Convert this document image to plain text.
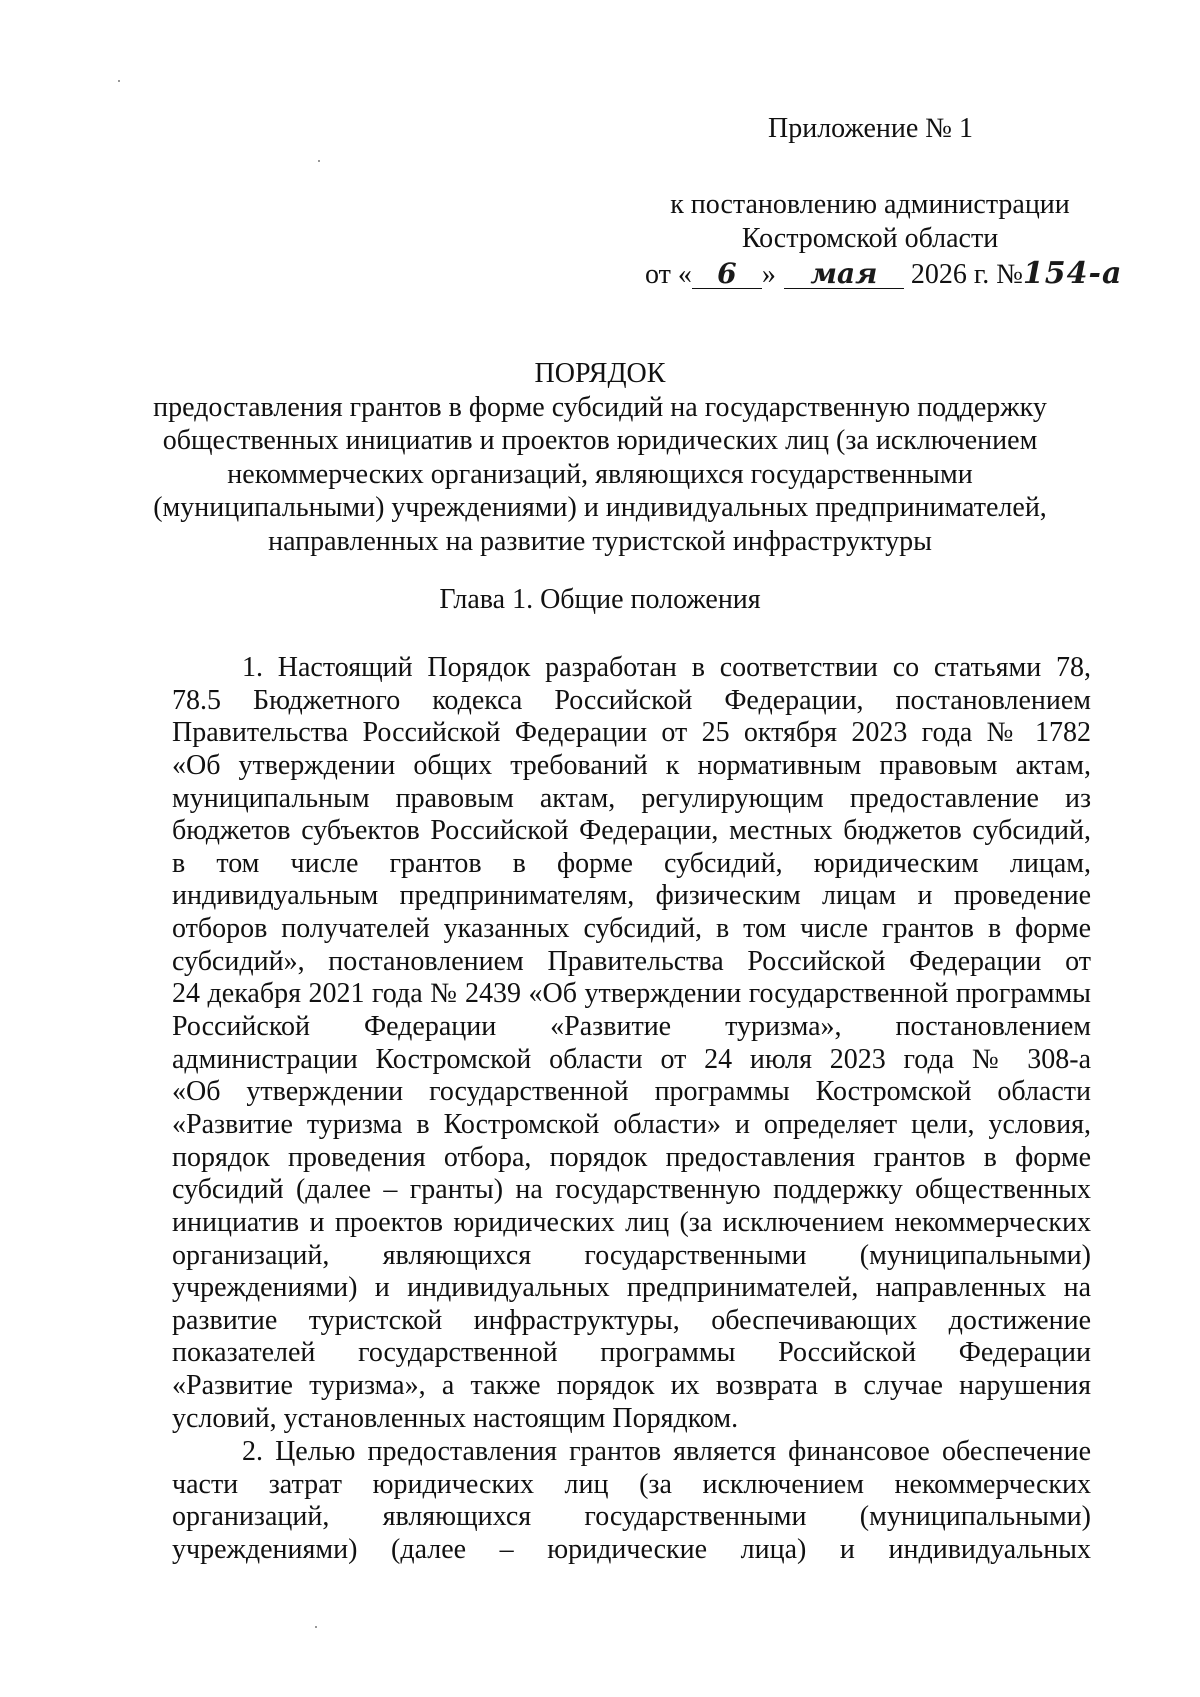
Приложение № 1
к постановлению администрации
Костромской области
от « 6 » мая 2026 г. №154-а
ПОРЯДОК
предоставления грантов в форме субсидий на государственную поддержку
общественных инициатив и проектов юридических лиц (за исключением
некоммерческих организаций, являющихся государственными
(муниципальными) учреждениями) и индивидуальных предпринимателей,
направленных на развитие туристской инфраструктуры
Глава 1. Общие положения
1. Настоящий Порядок разработан в соответствии со статьями 78,
78.5 Бюджетного кодекса Российской Федерации, постановлением
Правительства Российской Федерации от 25 октября 2023 года № 1782
«Об утверждении общих требований к нормативным правовым актам,
муниципальным правовым актам, регулирующим предоставление из
бюджетов субъектов Российской Федерации, местных бюджетов субсидий,
в том числе грантов в форме субсидий, юридическим лицам,
индивидуальным предпринимателям, физическим лицам и проведение
отборов получателей указанных субсидий, в том числе грантов в форме
субсидий», постановлением Правительства Российской Федерации от
24 декабря 2021 года № 2439 «Об утверждении государственной программы
Российской Федерации «Развитие туризма», постановлением
администрации Костромской области от 24 июля 2023 года № 308-а
«Об утверждении государственной программы Костромской области
«Развитие туризма в Костромской области» и определяет цели, условия,
порядок проведения отбора, порядок предоставления грантов в форме
субсидий (далее – гранты) на государственную поддержку общественных
инициатив и проектов юридических лиц (за исключением некоммерческих
организаций, являющихся государственными (муниципальными)
учреждениями) и индивидуальных предпринимателей, направленных на
развитие туристской инфраструктуры, обеспечивающих достижение
показателей государственной программы Российской Федерации
«Развитие туризма», а также порядок их возврата в случае нарушения
условий, установленных настоящим Порядком.
2. Целью предоставления грантов является финансовое обеспечение
части затрат юридических лиц (за исключением некоммерческих
организаций, являющихся государственными (муниципальными)
учреждениями) (далее – юридические лица) и индивидуальных
